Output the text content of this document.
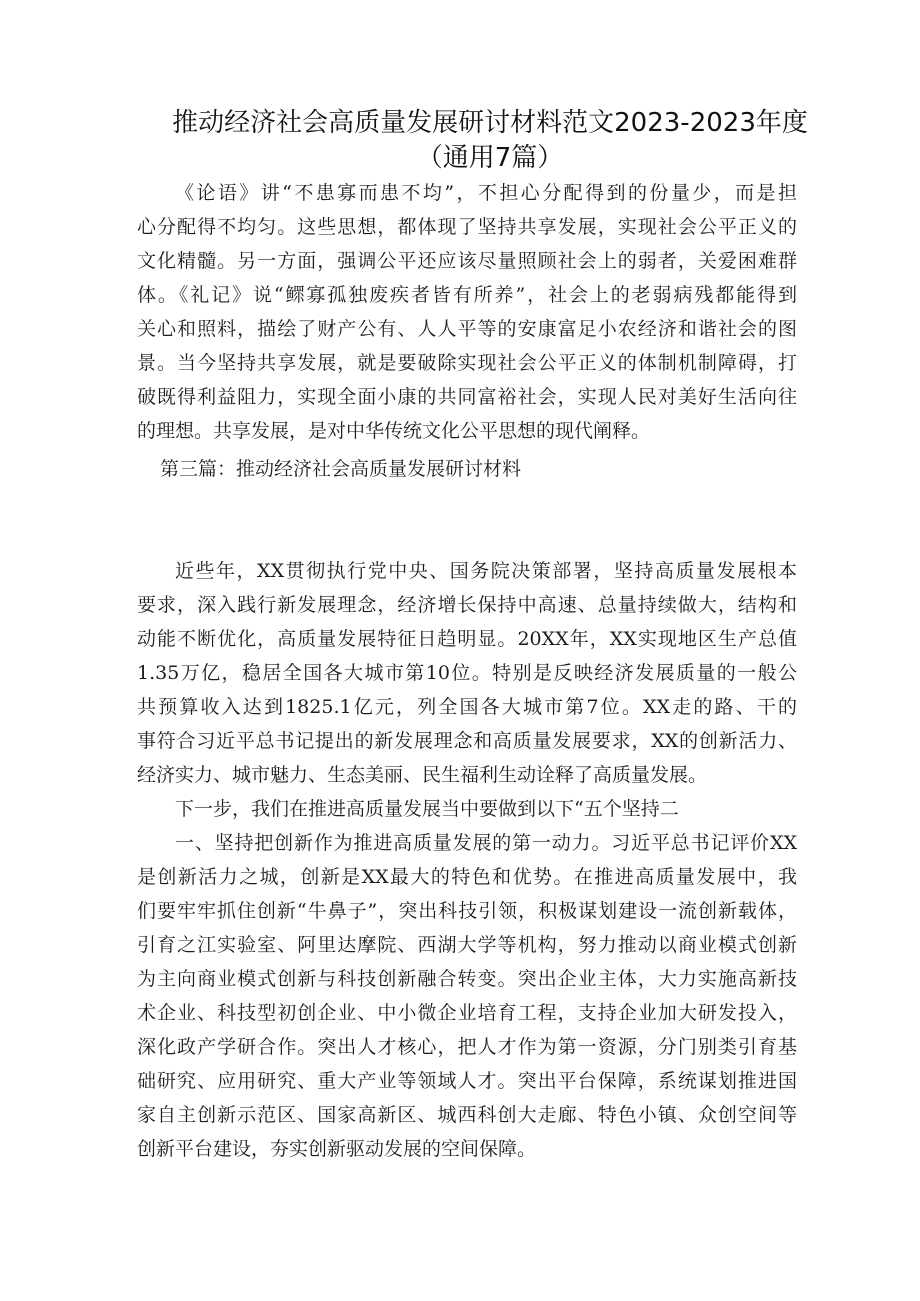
推动经济社会高质量发展研讨材料范文2023-2023年度
（通用7篇）
《论语》讲“不患寡而患不均”，不担心分配得到的份量少，而是担
心分配得不均匀。这些思想，都体现了坚持共享发展，实现社会公平正义的
文化精髓。另一方面，强调公平还应该尽量照顾社会上的弱者，关爱困难群
体。《礼记》说“鳏寡孤独废疾者皆有所养”，社会上的老弱病残都能得到
关心和照料，描绘了财产公有、人人平等的安康富足小农经济和谐社会的图
景。当今坚持共享发展，就是要破除实现社会公平正义的体制机制障碍，打
破既得利益阻力，实现全面小康的共同富裕社会，实现人民对美好生活向往
的理想。共享发展，是对中华传统文化公平思想的现代阐释。
第三篇：推动经济社会高质量发展研讨材料
近些年，XX贯彻执行党中央、国务院决策部署，坚持高质量发展根本
要求，深入践行新发展理念，经济增长保持中高速、总量持续做大，结构和
动能不断优化，高质量发展特征日趋明显。20XX年，XX实现地区生产总值
1.35万亿，稳居全国各大城市第10位。特别是反映经济发展质量的一般公
共预算收入达到1825.1亿元，列全国各大城市第7位。XX走的路、干的
事符合习近平总书记提出的新发展理念和高质量发展要求，XX的创新活力、
经济实力、城市魅力、生态美丽、民生福利生动诠释了高质量发展。
下一步，我们在推进高质量发展当中要做到以下“五个坚持二
一、坚持把创新作为推进高质量发展的第一动力。习近平总书记评价XX
是创新活力之城，创新是XX最大的特色和优势。在推进高质量发展中，我
们要牢牢抓住创新“牛鼻子”，突出科技引领，积极谋划建设一流创新载体，
引育之江实验室、阿里达摩院、西湖大学等机构，努力推动以商业模式创新
为主向商业模式创新与科技创新融合转变。突出企业主体，大力实施高新技
术企业、科技型初创企业、中小微企业培育工程，支持企业加大研发投入，
深化政产学研合作。突出人才核心，把人才作为第一资源，分门别类引育基
础研究、应用研究、重大产业等领域人才。突出平台保障，系统谋划推进国
家自主创新示范区、国家高新区、城西科创大走廊、特色小镇、众创空间等
创新平台建设，夯实创新驱动发展的空间保障。
